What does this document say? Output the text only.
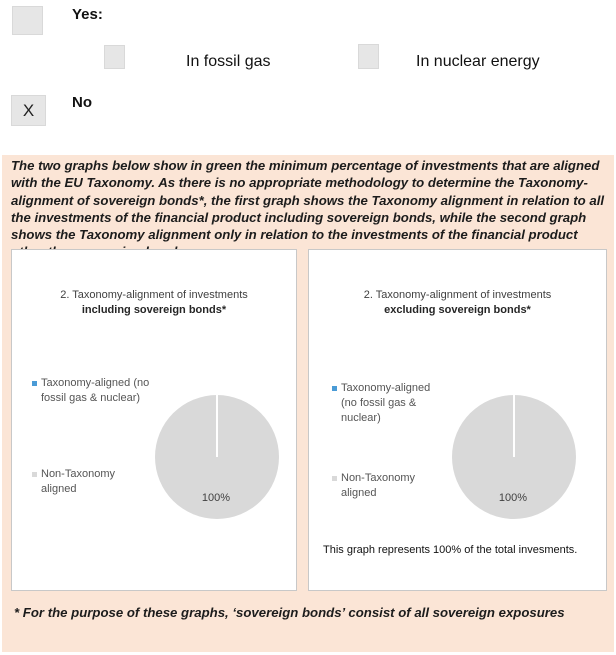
Yes:
In fossil gas	In nuclear energy
X	No
The two graphs below show in green the minimum percentage of investments that are aligned with the EU Taxonomy. As there is no appropriate methodology to determine the Taxonomy-alignment of sovereign bonds*, the first graph shows the Taxonomy alignment in relation to all the investments of the financial product including sovereign bonds, while the second graph shows the Taxonomy alignment only in relation to the investments of the financial product
2. Taxonomy-alignment of investments
including sovereign bonds*
Taxonomy-aligned (no fossil gas & nuclear)
Non-Taxonomy aligned
100%
2. Taxonomy-alignment of investments
excluding sovereign bonds*
Taxonomy-aligned (no fossil gas & nuclear)
Non-Taxonomy aligned	100%
This graph represents 100% of the total invesments.
* For the purpose of these graphs, ‘sovereign bonds’ consist of all sovereign exposures
